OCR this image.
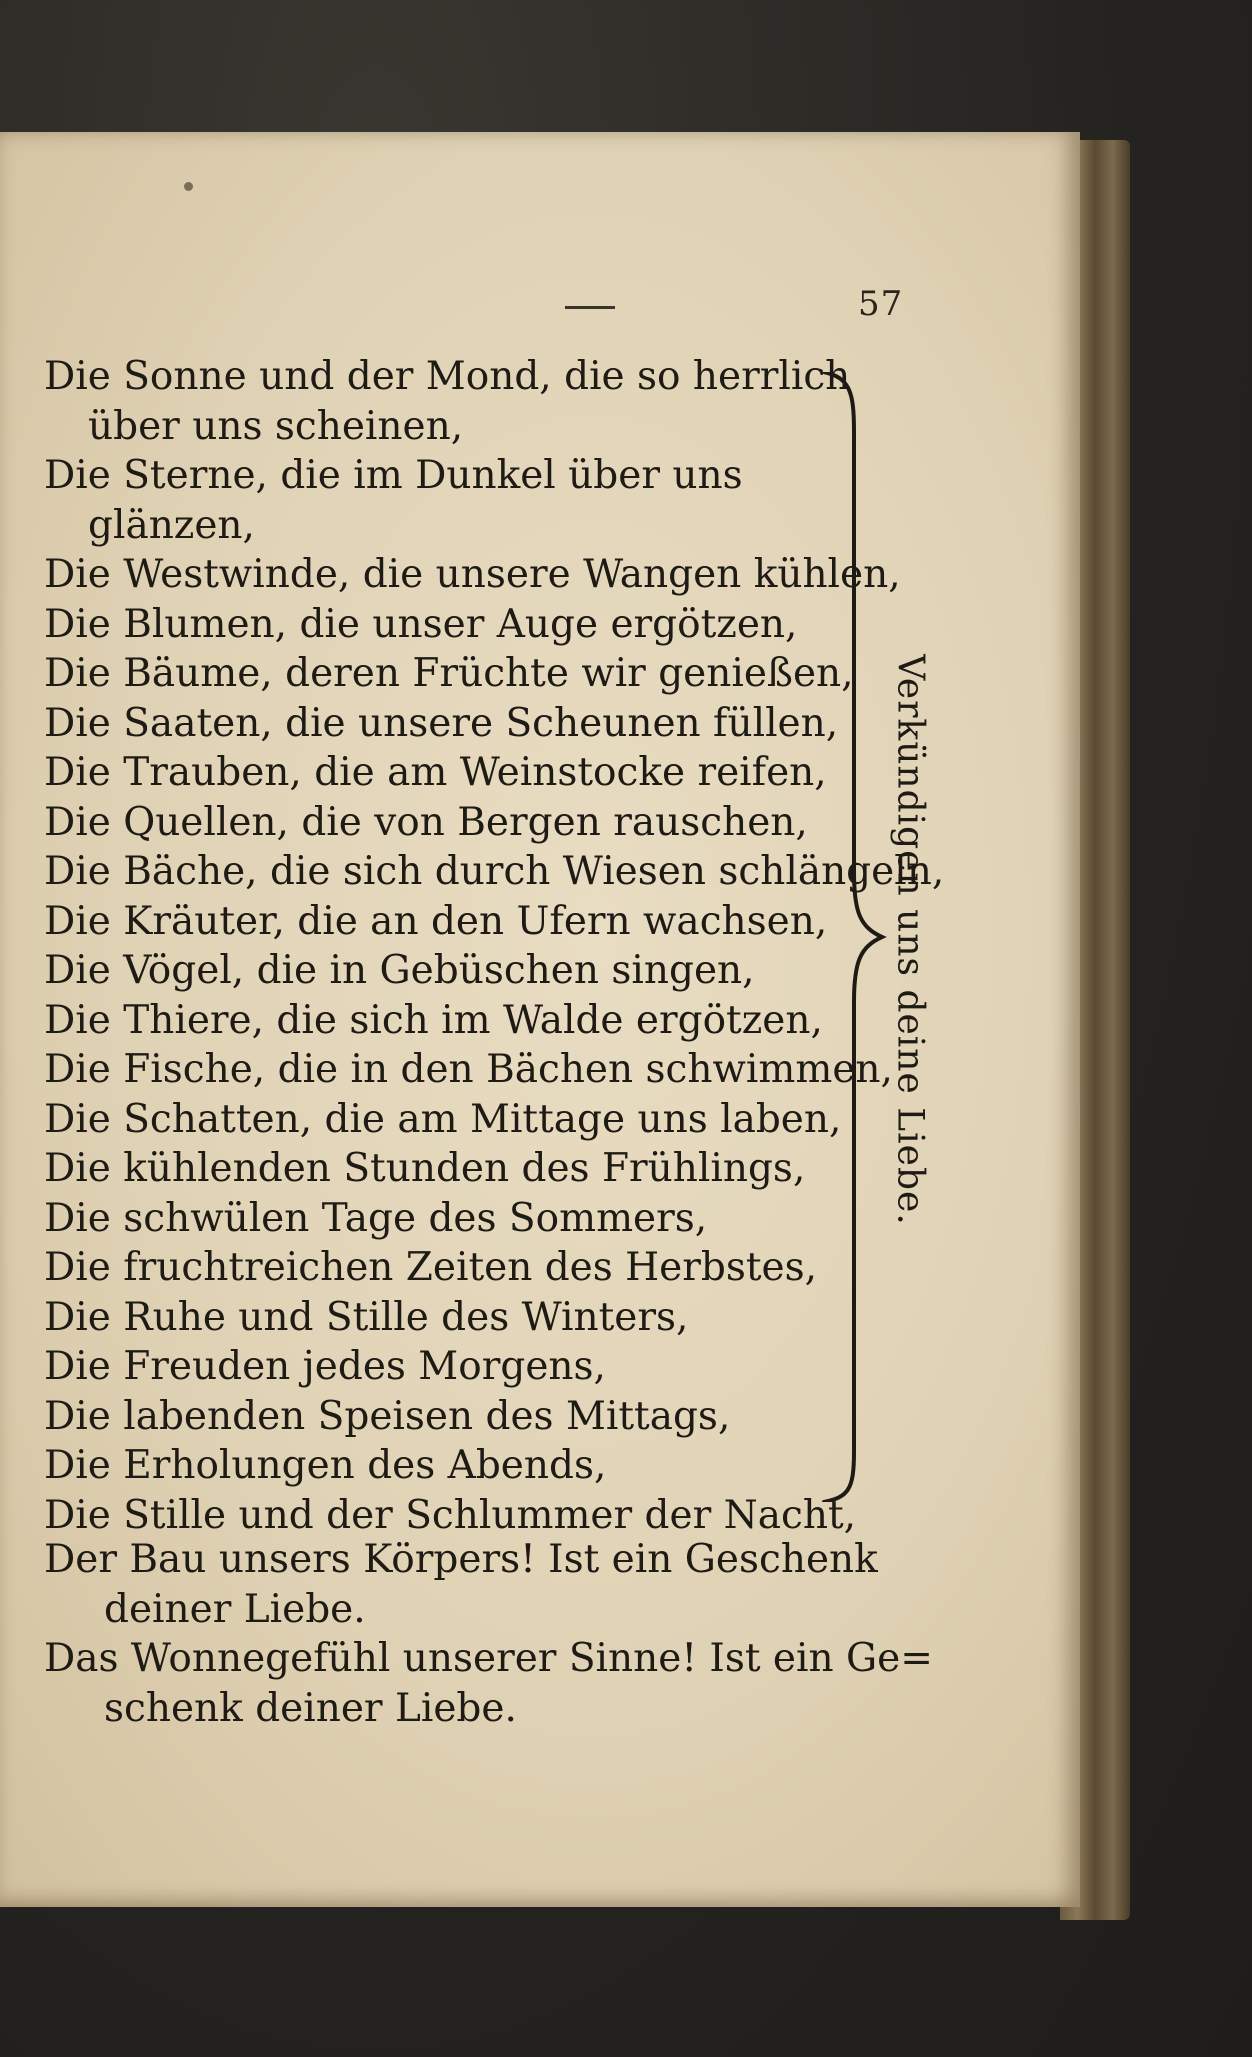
57
Die Sonne und der Mond, die so herrlich
über uns scheinen,
Die Sterne, die im Dunkel über uns
glänzen,
Die Westwinde, die unsere Wangen kühlen,
Die Blumen, die unser Auge ergötzen,
Die Bäume, deren Früchte wir genießen,
Die Saaten, die unsere Scheunen füllen,
Die Trauben, die am Weinstocke reifen,
Die Quellen, die von Bergen rauschen,
Die Bäche, die sich durch Wiesen schlängeln,
Die Kräuter, die an den Ufern wachsen,
Die Vögel, die in Gebüschen singen,
Die Thiere, die sich im Walde ergötzen,
Die Fische, die in den Bächen schwimmen,
Die Schatten, die am Mittage uns laben,
Die kühlenden Stunden des Frühlings,
Die schwülen Tage des Sommers,
Die fruchtreichen Zeiten des Herbstes,
Die Ruhe und Stille des Winters,
Die Freuden jedes Morgens,
Die labenden Speisen des Mittags,
Die Erholungen des Abends,
Die Stille und der Schlummer der Nacht,
Verkündigen uns deine Liebe.
Der Bau unsers Körpers! Ist ein Geschenk
deiner Liebe.
Das Wonnegefühl unserer Sinne! Ist ein Ge=
schenk deiner Liebe.
